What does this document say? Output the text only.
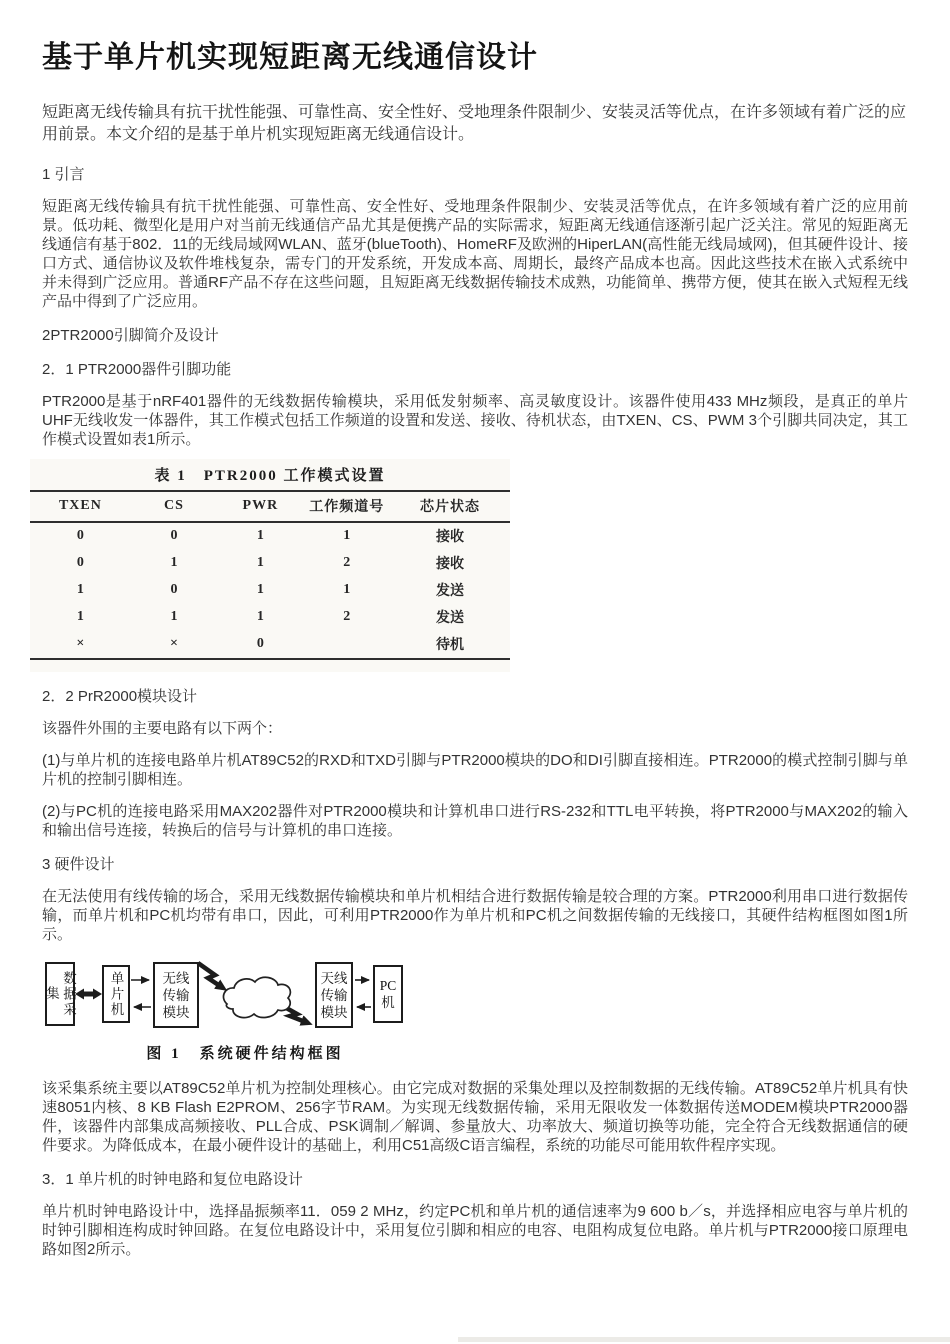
基于单片机实现短距离无线通信设计

短距离无线传输具有抗干扰性能强、可靠性高、安全性好、受地理条件限制少、安装灵活等优点，在许多领域有着广泛的应用前景。本文介绍的是基于单片机实现短距离无线通信设计。

1 引言

短距离无线传输具有抗干扰性能强、可靠性高、安全性好、受地理条件限制少、安装灵活等优点，在许多领域有着广泛的应用前景。低功耗、微型化是用户对当前无线通信产品尤其是便携产品的实际需求，短距离无线通信逐渐引起广泛关注。常见的短距离无线通信有基于802．11的无线局域网WLAN、蓝牙(blueTooth)、HomeRF及欧洲的HiperLAN(高性能无线局域网)，但其硬件设计、接口方式、通信协议及软件堆栈复杂，需专门的开发系统，开发成本高、周期长，最终产品成本也高。因此这些技术在嵌入式系统中并未得到广泛应用。普通RF产品不存在这些问题，且短距离无线数据传输技术成熟，功能简单、携带方便，使其在嵌入式短程无线产品中得到了广泛应用。

2PTR2000引脚简介及设计

2．1 PTR2000器件引脚功能

PTR2000是基于nRF401器件的无线数据传输模块，采用低发射频率、高灵敏度设计。该器件使用433 MHz频段，是真正的单片UHF无线收发一体器件，其工作模式包括工作频道的设置和发送、接收、待机状态，由TXEN、CS、PWM 3个引脚共同决定，其工作模式设置如表1所示。

表 1　PTR2000 工作模式设置
TXEN	CS	PWR	工作频道号	芯片状态
0	0	1	1	接收
0	1	1	2	接收
1	0	1	1	发送
1	1	1	2	发送
×	×	0		待机

2．2 PrR2000模块设计

该器件外围的主要电路有以下两个：

(1)与单片机的连接电路单片机AT89C52的RXD和TXD引脚与PTR2000模块的DO和DI引脚直接相连。PTR2000的模式控制引脚与单片机的控制引脚相连。

(2)与PC机的连接电路采用MAX202器件对PTR2000模块和计算机串口进行RS-232和TTL电平转换，将PTR2000与MAX202的输入和输出信号连接，转换后的信号与计算机的串口连接。

3 硬件设计

在无法使用有线传输的场合，采用无线数据传输模块和单片机相结合进行数据传输是较合理的方案。PTR2000利用串口进行数据传输，而单片机和PC机均带有串口，因此，可利用PTR2000作为单片机和PC机之间数据传输的无线接口，其硬件结构框图如图1所示。

数据采集	单片机	无线传输模块
天线传输模块
PC机
图 1　系统硬件结构框图

该采集系统主要以AT89C52单片机为控制处理核心。由它完成对数据的采集处理以及控制数据的无线传输。AT89C52单片机具有快速8051内核、8 KB Flash E2PROM、256字节RAM。为实现无线数据传输，采用无限收发一体数据传送MODEM模块PTR2000器件，该器件内部集成高频接收、PLL合成、PSK调制／解调、参量放大、功率放大、频道切换等功能，完全符合无线数据通信的硬件要求。为降低成本，在最小硬件设计的基础上，利用C51高级C语言编程，系统的功能尽可能用软件程序实现。

3．1 单片机的时钟电路和复位电路设计

单片机时钟电路设计中，选择晶振频率11．059 2 MHz，约定PC机和单片机的通信速率为9 600 b／s，并选择相应电容与单片机的时钟引脚相连构成时钟回路。在复位电路设计中，采用复位引脚和相应的电容、电阻构成复位电路。单片机与PTR2000接口原理电路如图2所示。
